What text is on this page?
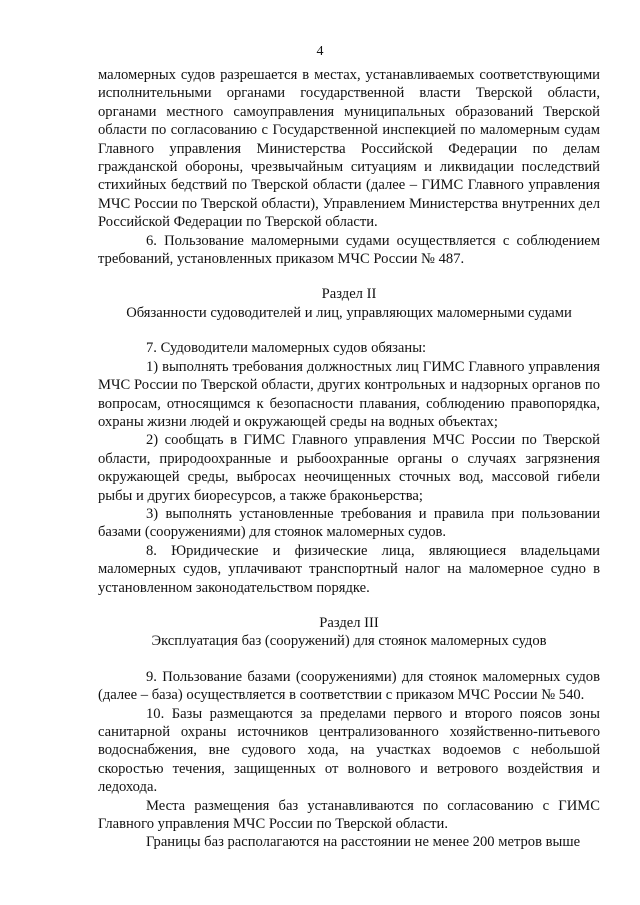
4

маломерных судов разрешается в местах, устанавливаемых соответствующими исполнительными органами государственной власти Тверской области, органами местного самоуправления муниципальных образований Тверской области по согласованию с Государственной инспекцией по маломерным судам Главного управления Министерства Российской Федерации по делам гражданской обороны, чрезвычайным ситуациям и ликвидации последствий стихийных бедствий по Тверской области (далее – ГИМС Главного управления МЧС России по Тверской области), Управлением Министерства внутренних дел Российской Федерации по Тверской области.

6. Пользование маломерными судами осуществляется с соблюдением требований, установленных приказом МЧС России № 487.

Раздел II

Обязанности судоводителей и лиц, управляющих маломерными судами

7. Судоводители маломерных судов обязаны:

1) выполнять требования должностных лиц ГИМС Главного управления МЧС России по Тверской области, других контрольных и надзорных органов по вопросам, относящимся к безопасности плавания, соблюдению правопорядка, охраны жизни людей и окружающей среды на водных объектах;

2) сообщать в ГИМС Главного управления МЧС России по Тверской области, природоохранные и рыбоохранные органы о случаях загрязнения окружающей среды, выбросах неочищенных сточных вод, массовой гибели рыбы и других биоресурсов, а также браконьерства;

3) выполнять установленные требования и правила при пользовании базами (сооружениями) для стоянок маломерных судов.

8. Юридические и физические лица, являющиеся владельцами маломерных судов, уплачивают транспортный налог на маломерное судно в установленном законодательством порядке.

Раздел III

Эксплуатация баз (сооружений) для стоянок маломерных судов

9. Пользование базами (сооружениями) для стоянок маломерных судов (далее – база) осуществляется в соответствии с приказом МЧС России № 540.

10. Базы размещаются за пределами первого и второго поясов зоны санитарной охраны источников централизованного хозяйственно-питьевого водоснабжения, вне судового хода, на участках водоемов с небольшой скоростью течения, защищенных от волнового и ветрового воздействия и ледохода.

Места размещения баз устанавливаются по согласованию с ГИМС Главного управления МЧС России по Тверской области.

Границы баз располагаются на расстоянии не менее 200 метров выше
